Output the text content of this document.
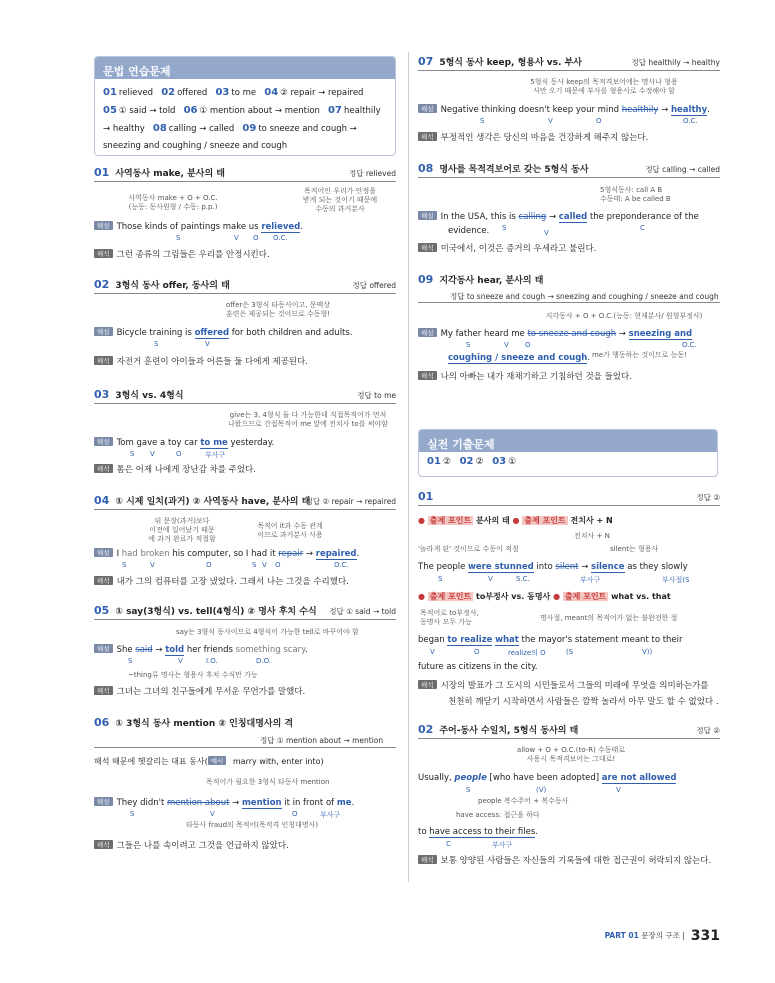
문법 연습문제
01 relieved 02 offered 03 to me 04 ② repair → repaired
05 ① said → told 06 ① mention about → mention 07 healthily
→ healthy 08 calling → called 09 to sneeze and cough →
sneezing and coughing / sneeze and cough
01 사역동사 make, 분사의 태	정답 relieved
사역동사 make + O + O.C.
(능동: 동사원형 / 수동: p.p.)
목적어인 우리가 안정을
받게 되는 것이기 때문에
수동의 과거분사
해설 Those kinds of paintings make us relieved.
S	V O O.C.
해석 그런 종류의 그림들은 우리를 안정시킨다.
02 3형식 동사 offer, 동사의 태	정답 offered
offer은 3형식 타동사이고, 문맥상
훈련은 제공되는 것이므로 수동형!
해설 Bicycle training is offered for both children and adults.
S	V
해석 자전거 훈련이 아이들과 어른들 둘 다에게 제공된다.
03 3형식 vs. 4형식	정답 to me
give는 3, 4형식 둘 다 가능한데 직접목적어가 먼저
나왔으므로 간접목적어 me 앞에 전치사 to를 써야함
해설 Tom gave a toy car to me yesterday.
S V	O	부사구
해석 톰은 어제 나에게 장난감 차를 주었다.
04 ① 시제 일치(과거) ② 사역동사 have, 분사의 태
정답 ② repair → repaired
뒤 문장(과거)보다
이전에 일어났기 때문
에 과거 완료가 적절함
목적어 it과 수동 관계
이므로 과거분사 사용
해설 I had broken his computer, so I had it repair → repaired.
S	V	O	S V O	O.C.
해석 내가 그의 컴퓨터를 고장 냈었다. 그래서 나는 그것을 수리했다.
05 ① say(3형식) vs. tell(4형식) ② 명사 후치 수식 정답 ① said → told
say는 3형식 동사이므로 4형식이 가능한 tell로 바꾸어야 함
해설 She said → told her friends something scary.
S	V	I.O.	D.O.
~thing류 명사는 형용사 후치 수식만 가능
해석 그녀는 그녀의 친구들에게 무서운 무언가를 말했다.
06 ① 3형식 동사 mention ② 인칭대명사의 격
정답 ① mention about → mention
해석 때문에 헷갈리는 대표 동사( 예시 marry with, enter into)
목적어가 필요한 3형식 타동사 mention
해설 They didn't mention about → mention it in front of me.
S	V	O	부사구
타동사 fraud의 목적어(목적격 인칭대명사)
해석 그들은 나를 속이려고 그것을 언급하지 않았다.
07 5형식 동사 keep, 형용사 vs. 부사	정답 healthily → healthy
5형식 동사 keep의 목적격보어에는 명사나 형용
사만 오기 때문에 부사를 형용사로 수정해야 함
해설 Negative thinking doesn't keep your mind healthily → healthy.
S	V	O	O.C.
해석 부정적인 생각은 당신의 마음을 건강하게 해주지 않는다.
08 명사를 목적격보어로 갖는 5형식 동사	정답 calling → called
5형식동사: call A B
수동태: A be called B
해설 In the USA, this is calling → called the preponderance of the
evidence. S
V
C
해석 미국에서, 이것은 증거의 우세라고 불린다.
09 지각동사 hear, 분사의 태
정답 to sneeze and cough → sneezing and coughing / sneeze and cough
지각동사 + O + O.C.(능동: 현재분사/ 원형부정사)
해설 My father heard me to sneeze and cough → sneezing and
S	V O	O.C.
coughing / sneeze and cough. me가 행동하는 것이므로 능동!
해석 나의 아빠는 내가 재채기하고 기침하던 것을 들었다.
실전 기출문제
01 ② 02 ② 03 ①
01	정답 ②
● 출제 포인트 분사의 태 ● 출제 포인트 전치사 + N
전치사 + N
'놀라게 된' 것이므로 수동이 적절	silent는 형용사
The people were stunned into silent → silence as they slowly
S	V	S.C.	부사구	부사절(S
● 출제 포인트 to부정사 vs. 동명사 ● 출제 포인트 what vs. that
목적어로 to부정사,
동명사 모두 가능	명사절, meant의 목적어가 없는 불완전한 절
began to realize what the mayor's statement meant to their
V	O	realize의 O	(S	V))
future as citizens in the city.
해석 시장의 발표가 그 도시의 시민들로서 그들의 미래에 무엇을 의미하는가를
천천히 깨닫기 시작하면서 사람들은 깜짝 놀라서 아무 말도 할 수 없었다 .
02 주어-동사 수일치, 5형식 동사의 태	정답 ②
allow + O + O.C.(to-R) 수동태로
사용시 목적격보어는 그대로!
Usually, people [who have been adopted] are not allowed
S	(V)	V
people 복수주어 + 복수동사
have access: 접근을 하다
to have access to their files.
C	부사구
해석 보통 양양된 사람들은 자신들의 기록들에 대한 접근권이 허락되지 않는다.
PART 01 문장의 구조 | 331
